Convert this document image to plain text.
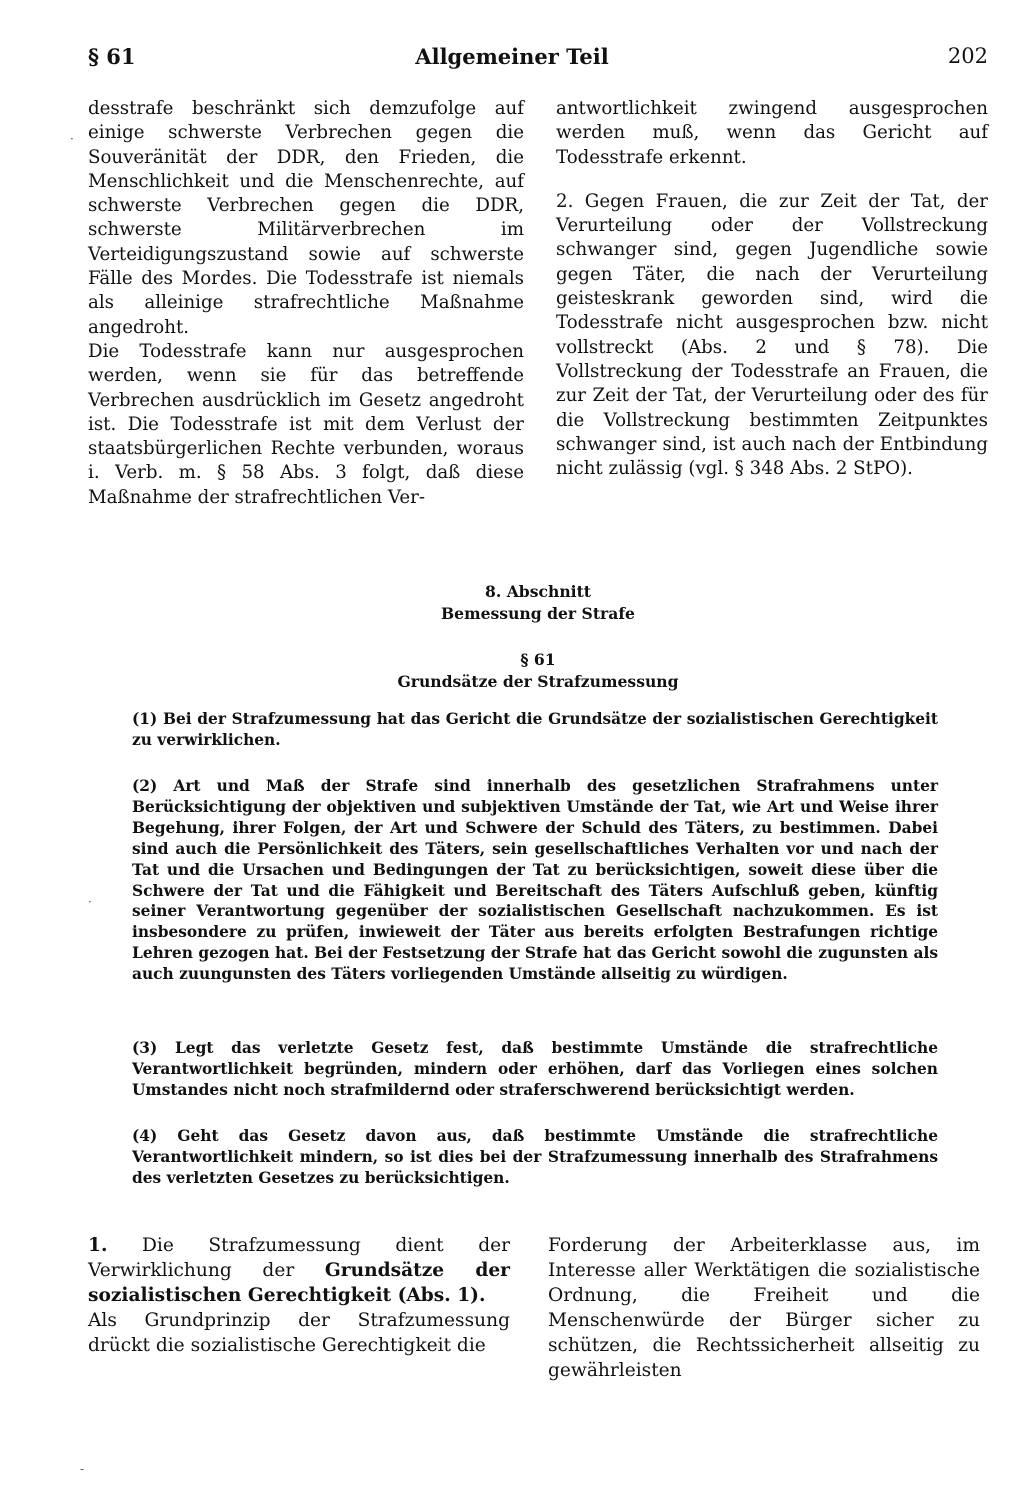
§ 61	Allgemeiner Teil	202

desstrafe beschränkt sich demzufolge auf einige schwerste Verbrechen gegen die Souveränität der DDR, den Frieden, die Menschlichkeit und die Menschenrechte, auf schwerste Verbrechen gegen die DDR, schwerste Militärverbrechen im Verteidigungszustand sowie auf schwerste Fälle des Mordes. Die Todesstrafe ist niemals als alleinige strafrechtliche Maßnahme angedroht.

Die Todesstrafe kann nur ausgesprochen werden, wenn sie für das betreffende Verbrechen ausdrücklich im Gesetz angedroht ist. Die Todesstrafe ist mit dem Verlust der staatsbürgerlichen Rechte verbunden, woraus i. Verb. m. § 58 Abs. 3 folgt, daß diese Maßnahme der strafrechtlichen Ver-

antwortlichkeit zwingend ausgesprochen werden muß, wenn das Gericht auf Todesstrafe erkennt.

2. Gegen Frauen, die zur Zeit der Tat, der Verurteilung oder der Vollstreckung schwanger sind, gegen Jugendliche sowie gegen Täter, die nach der Verurteilung geisteskrank geworden sind, wird die Todesstrafe nicht ausgesprochen bzw. nicht vollstreckt (Abs. 2 und § 78). Die Vollstreckung der Todesstrafe an Frauen, die zur Zeit der Tat, der Verurteilung oder des für die Vollstreckung bestimmten Zeitpunktes schwanger sind, ist auch nach der Entbindung nicht zulässig (vgl. § 348 Abs. 2 StPO).

8. Abschnitt
Bemessung der Strafe
§ 61
Grundsätze der Strafzumessung

(1) Bei der Strafzumessung hat das Gericht die Grundsätze der sozialistischen Gerechtigkeit zu verwirklichen.

(2) Art und Maß der Strafe sind innerhalb des gesetzlichen Strafrahmens unter Berücksichtigung der objektiven und subjektiven Umstände der Tat, wie Art und Weise ihrer Begehung, ihrer Folgen, der Art und Schwere der Schuld des Täters, zu bestimmen. Dabei sind auch die Persönlichkeit des Täters, sein gesellschaftliches Verhalten vor und nach der Tat und die Ursachen und Bedingungen der Tat zu berücksichtigen, soweit diese über die Schwere der Tat und die Fähigkeit und Bereitschaft des Täters Aufschluß geben, künftig seiner Verantwortung gegenüber der sozialistischen Gesellschaft nachzukommen. Es ist insbesondere zu prüfen, inwieweit der Täter aus bereits erfolgten Bestrafungen richtige Lehren gezogen hat. Bei der Festsetzung der Strafe hat das Gericht sowohl die zugunsten als auch zuungunsten des Täters vorliegenden Umstände allseitig zu würdigen.

(3) Legt das verletzte Gesetz fest, daß bestimmte Umstände die strafrechtliche Verantwortlichkeit begründen, mindern oder erhöhen, darf das Vorliegen eines solchen Umstandes nicht noch strafmildernd oder straferschwerend berücksichtigt werden.

(4) Geht das Gesetz davon aus, daß bestimmte Umstände die strafrechtliche Verantwortlichkeit mindern, so ist dies bei der Strafzumessung innerhalb des Strafrahmens des verletzten Gesetzes zu berücksichtigen.

1. Die Strafzumessung dient der Verwirklichung der Grundsätze der sozialistischen Gerechtigkeit (Abs. 1).

Als Grundprinzip der Strafzumessung drückt die sozialistische Gerechtigkeit die

Forderung der Arbeiterklasse aus, im Interesse aller Werktätigen die sozialistische Ordnung, die Freiheit und die Menschenwürde der Bürger sicher zu schützen, die Rechtssicherheit allseitig zu gewährleisten

·
·
-
